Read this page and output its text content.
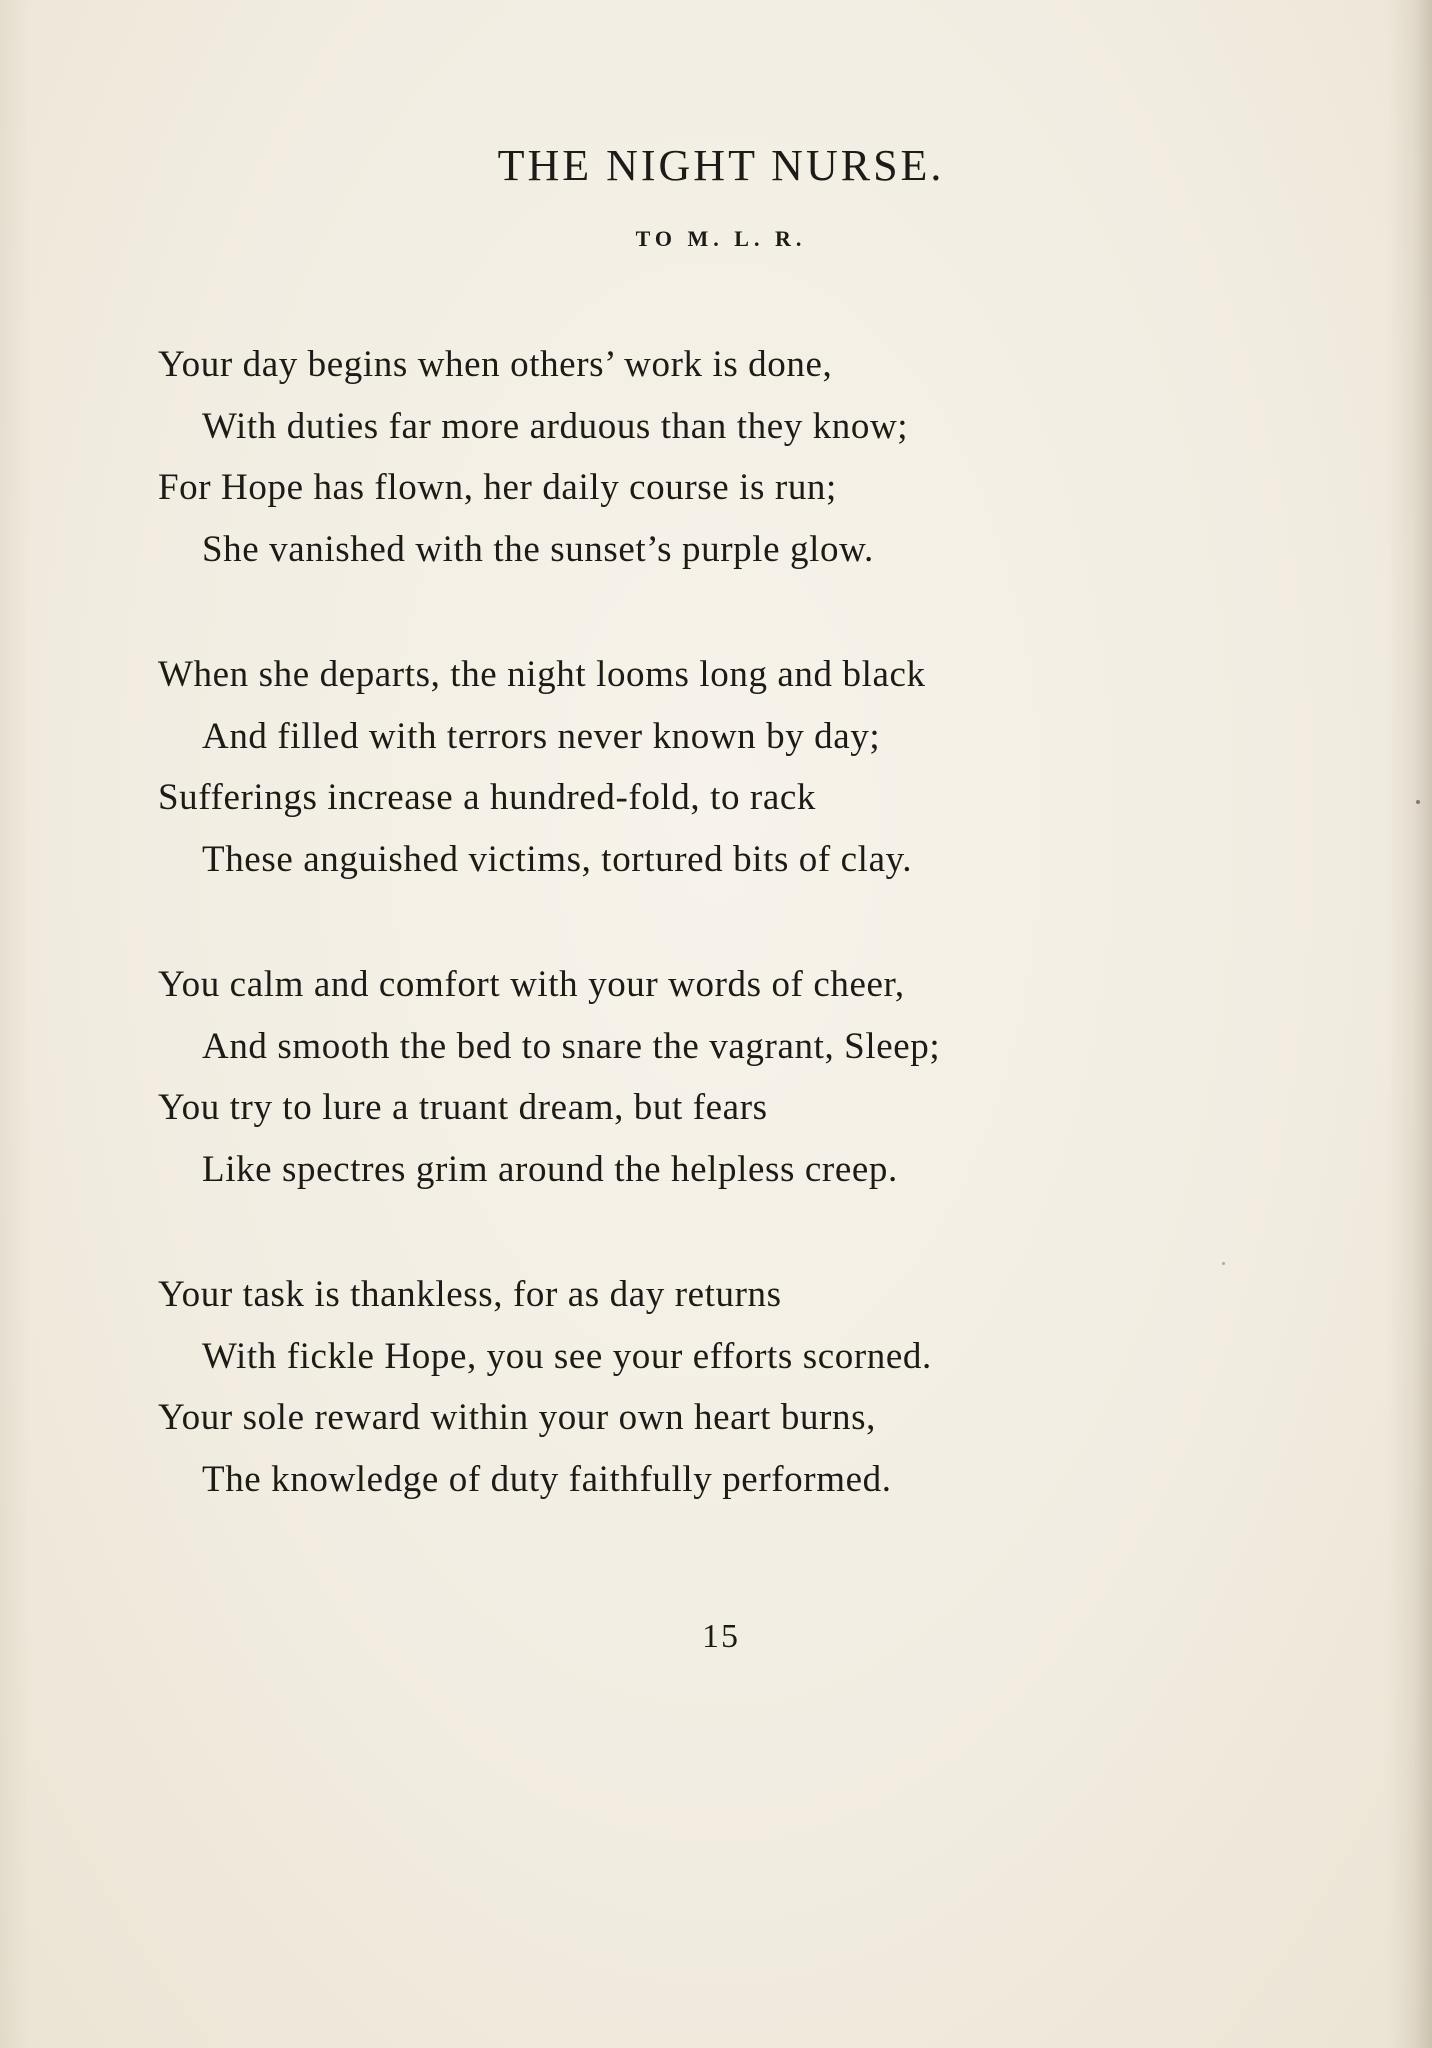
THE NIGHT NURSE.
TO M. L. R.
Your day begins when others’ work is done,
With duties far more arduous than they know;
For Hope has flown, her daily course is run;
She vanished with the sunset’s purple glow.
When she departs, the night looms long and black
And filled with terrors never known by day;
Sufferings increase a hundred-fold, to rack
These anguished victims, tortured bits of clay.
You calm and comfort with your words of cheer,
And smooth the bed to snare the vagrant, Sleep;
You try to lure a truant dream, but fears
Like spectres grim around the helpless creep.
Your task is thankless, for as day returns
With fickle Hope, you see your efforts scorned.
Your sole reward within your own heart burns,
The knowledge of duty faithfully performed.
15
